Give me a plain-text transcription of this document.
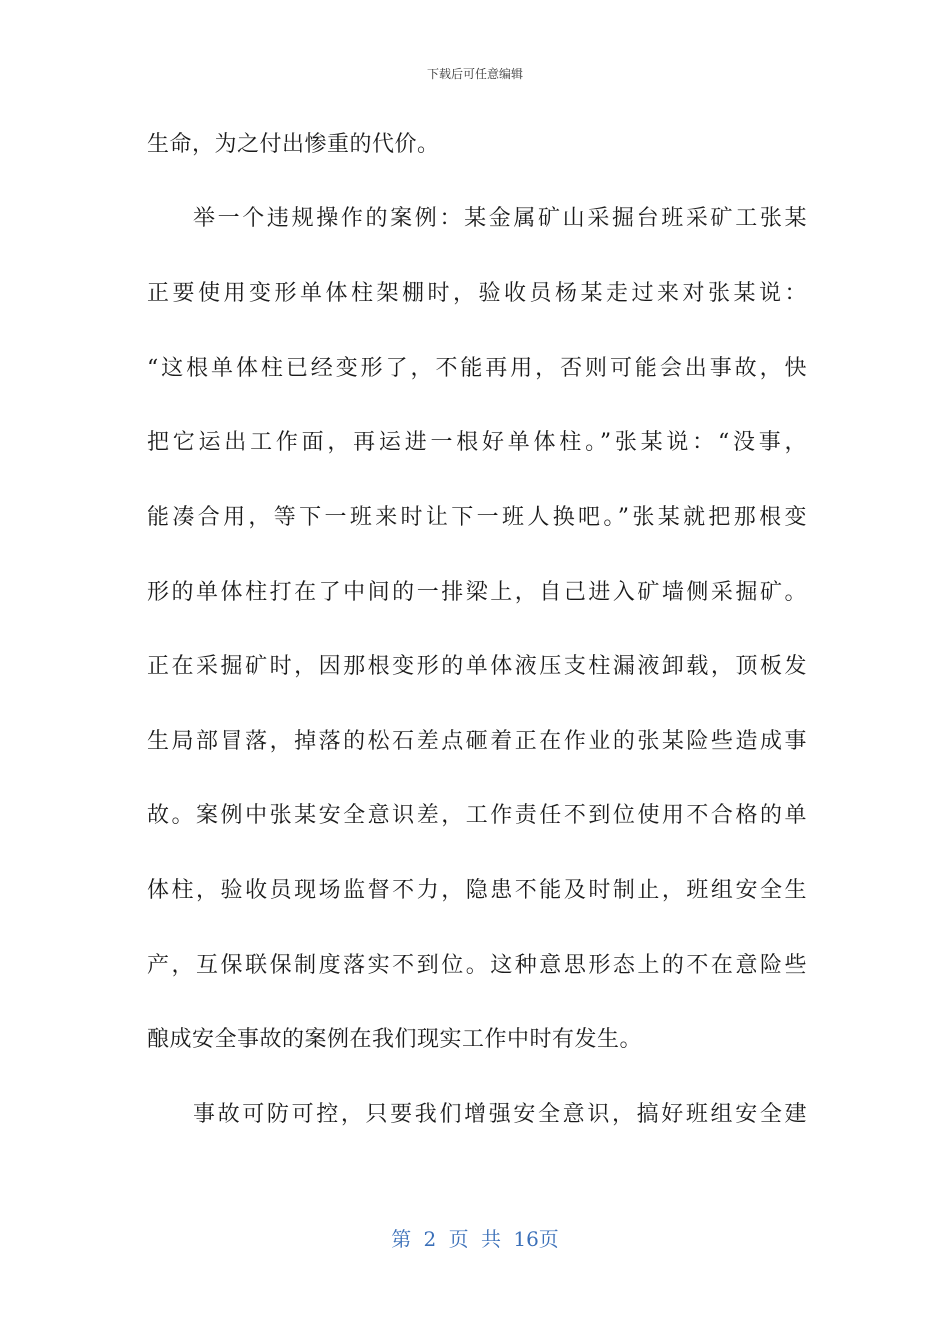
下载后可任意编辑
生命，为之付出惨重的代价。
举一个违规操作的案例：某金属矿山采掘台班采矿工张某
正要使用变形单体柱架棚时，验收员杨某走过来对张某说：
“这根单体柱已经变形了，不能再用，否则可能会出事故，快
把它运出工作面，再运进一根好单体柱。”张某说：“没事，
能凑合用，等下一班来时让下一班人换吧。”张某就把那根变
形的单体柱打在了中间的一排梁上，自己进入矿墙侧采掘矿。
正在采掘矿时，因那根变形的单体液压支柱漏液卸载，顶板发
生局部冒落，掉落的松石差点砸着正在作业的张某险些造成事
故。案例中张某安全意识差，工作责任不到位使用不合格的单
体柱，验收员现场监督不力，隐患不能及时制止，班组安全生
产，互保联保制度落实不到位。这种意思形态上的不在意险些
酿成安全事故的案例在我们现实工作中时有发生。
事故可防可控，只要我们增强安全意识，搞好班组安全建
第 2 页 共 16页
